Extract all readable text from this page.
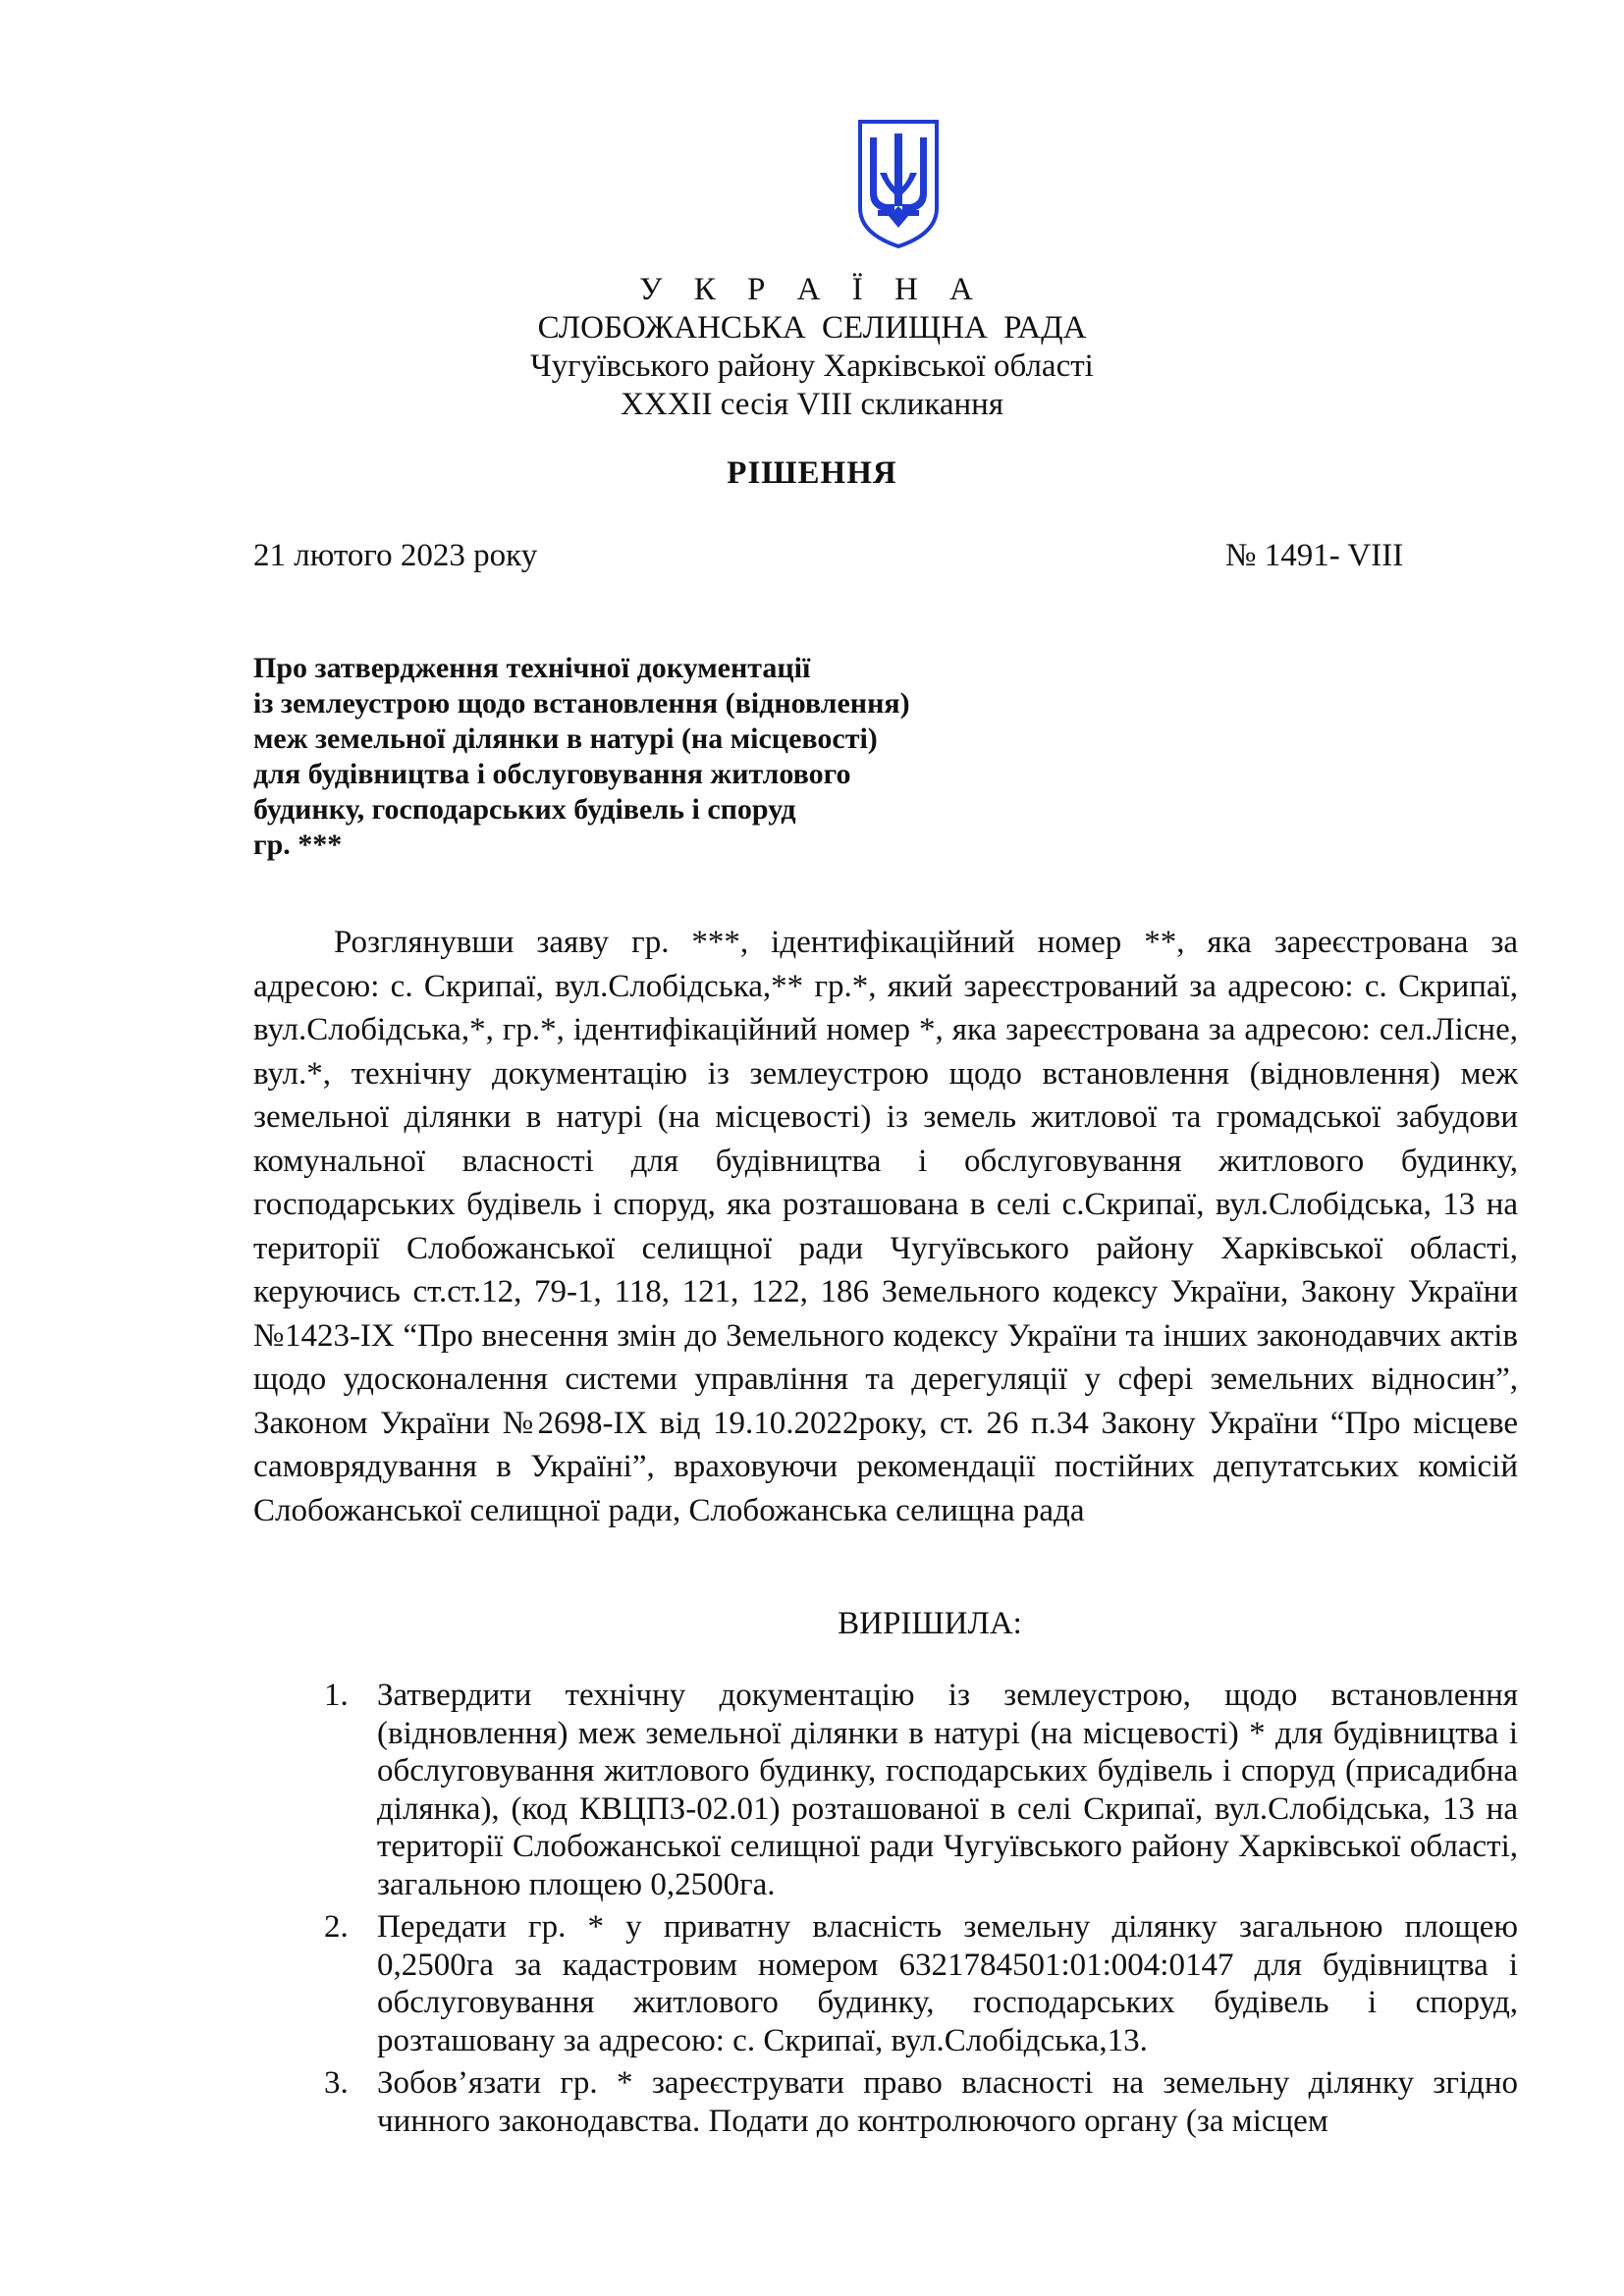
У К Р А Ї Н А
СЛОБОЖАНСЬКА СЕЛИЩНА РАДА
Чугуївського району Харківської області
XXXII сесія VIII скликання
РІШЕННЯ
21 лютого 2023 року	№ 1491- VIII

Про затвердження технічної документації
із землеустрою щодо встановлення (відновлення)
меж земельної ділянки в натурі (на місцевості)
для будівництва і обслуговування житлового
будинку, господарських будівель і споруд
гр. ***

Розглянувши заяву гр. ***, ідентифікаційний номер **, яка зареєстрована за адресою: с. Скрипаї, вул.Слобідська,** гр.*, який зареєстрований за адресою: с. Скрипаї, вул.Слобідська,*, гр.*, ідентифікаційний номер *, яка зареєстрована за адресою: сел.Лісне, вул.*, технічну документацію із землеустрою щодо встановлення (відновлення) меж земельної ділянки в натурі (на місцевості) із земель житлової та громадської забудови комунальної власності для будівництва і обслуговування житлового будинку, господарських будівель і споруд, яка розташована в селі с.Скрипаї, вул.Слобідська, 13 на території Слобожанської селищної ради Чугуївського району Харківської області, керуючись ст.ст.12, 79-1, 118, 121, 122, 186 Земельного кодексу України, Закону України №1423-IX “Про внесення змін до Земельного кодексу України та інших законодавчих актів щодо удосконалення системи управління та дерегуляції у сфері земельних відносин”, Законом України №2698-IX від 19.10.2022року, ст. 26 п.34 Закону України “Про місцеве самоврядування в Україні”, враховуючи рекомендації постійних депутатських комісій Слобожанської селищної ради, Слобожанська селищна рада

ВИРІШИЛА:
1. Затвердити технічну документацію із землеустрою, щодо встановлення (відновлення) меж земельної ділянки в натурі (на місцевості) * для будівництва і обслуговування житлового будинку, господарських будівель і споруд (присадибна ділянка), (код КВЦПЗ-02.01) розташованої в селі Скрипаї, вул.Слобідська, 13 на території Слобожанської селищної ради Чугуївського району Харківської області, загальною площею 0,2500га.
2. Передати гр. * у приватну власність земельну ділянку загальною площею 0,2500га за кадастровим номером 6321784501:01:004:0147 для будівництва і обслуговування житлового будинку, господарських будівель і споруд, розташовану за адресою: с. Скрипаї, вул.Слобідська,13.
3. Зобов’язати гр. * зареєструвати право власності на земельну ділянку згідно чинного законодавства. Подати до контролюючого органу (за місцем
